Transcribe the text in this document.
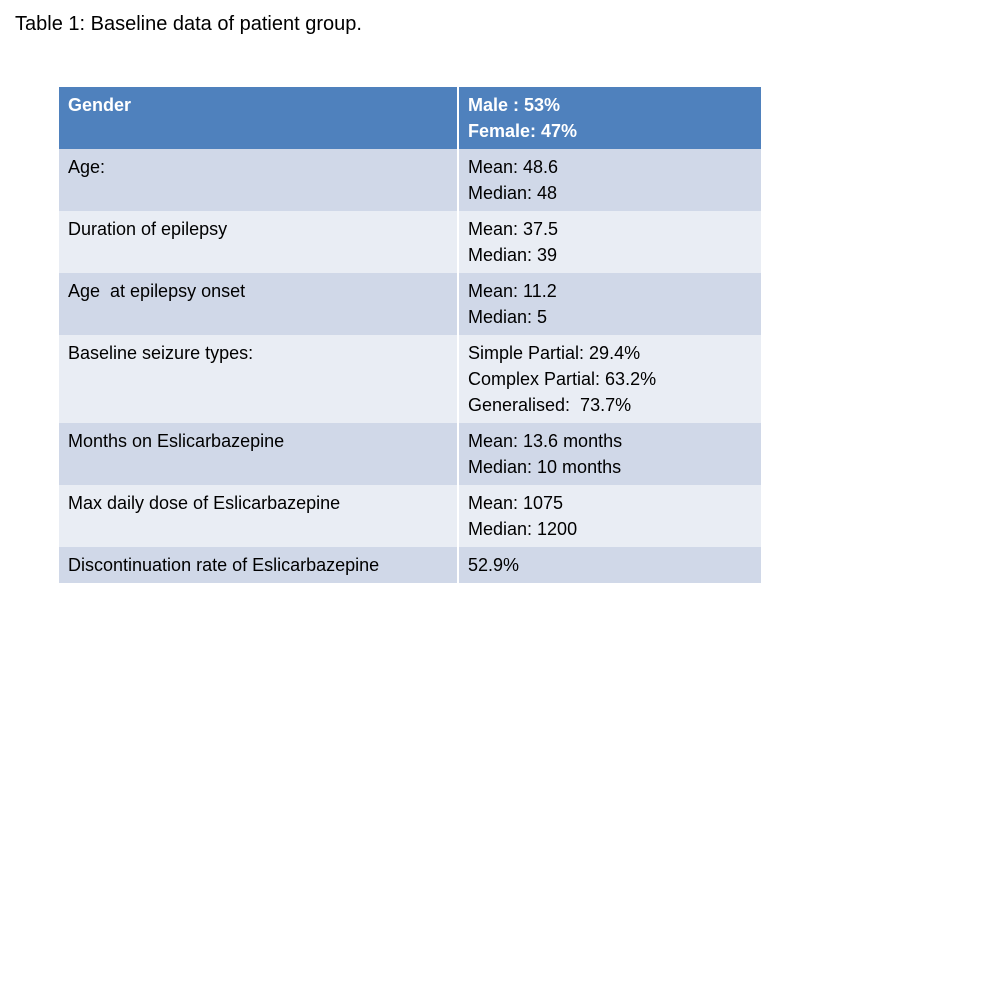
Table 1: Baseline data of patient group.
Gender	Male : 53%
Female: 47%

Age:	Mean: 48.6
Median: 48

Duration of epilepsy	Mean: 37.5
Median: 39

Age  at epilepsy onset	Mean: 11.2
Median: 5

Baseline seizure types:	Simple Partial: 29.4%
Complex Partial: 63.2%
Generalised:  73.7%

Months on Eslicarbazepine	Mean: 13.6 months
Median: 10 months

Max daily dose of Eslicarbazepine	Mean: 1075
Median: 1200

Discontinuation rate of Eslicarbazepine	52.9%
